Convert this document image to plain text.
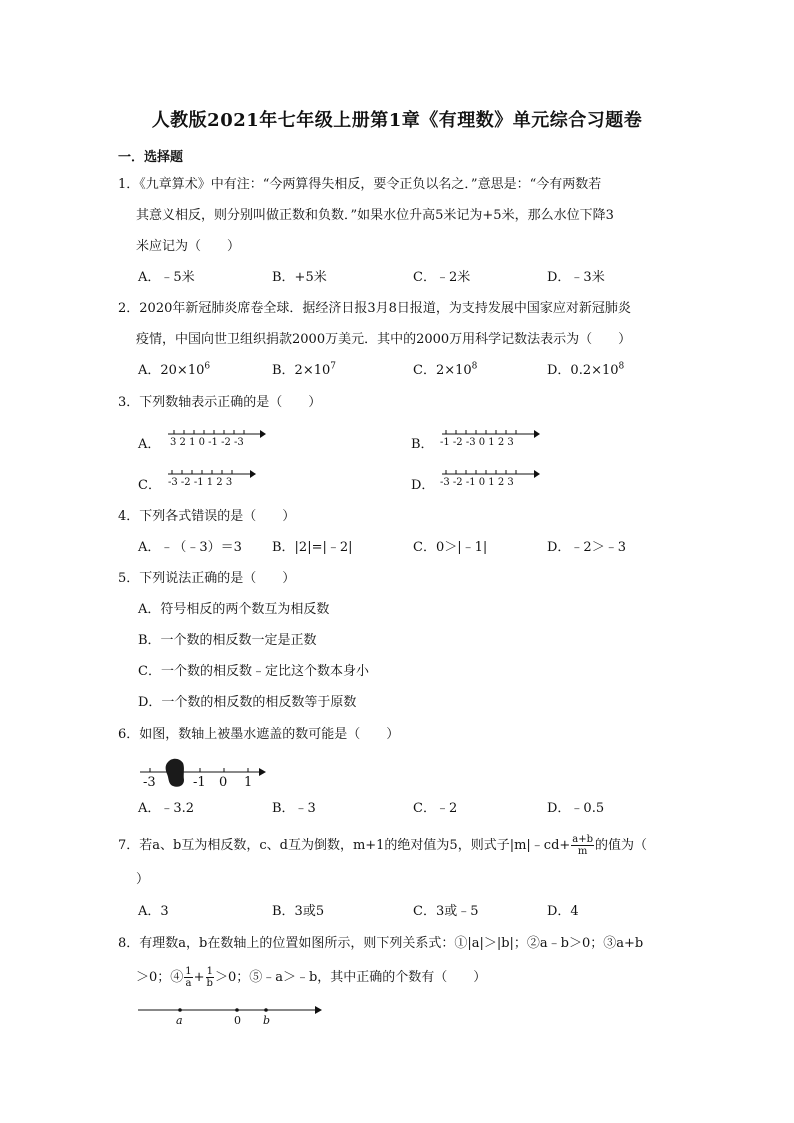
人教版2021年七年级上册第1章《有理数》单元综合习题卷
一．选择题
1．《九章算术》中有注：“今两算得失相反，要令正负以名之．”意思是：“今有两数若
其意义相反，则分别叫做正数和负数．”如果水位升高5米记为+5米，那么水位下降3
米应记为（　　）
A．﹣5米	B．+5米	C．﹣2米	D．﹣3米
2．2020年新冠肺炎席卷全球．据经济日报3月8日报道，为支持发展中国家应对新冠肺炎
疫情，中国向世卫组织捐款2000万美元．其中的2000万用科学记数法表示为（　　）
A．$20\times 10^6$	B．$2\times 10^7$	C．$2\times 10^8$	D．$0.2\times 10^8$
3．下列数轴表示正确的是（　　）
A． 3 2 1 0 -1 -2 -3	B． -1 -2 -3 0 1 2 3
C． -3 -2 -1 1 2 3	D． -3 -2 -1 0 1 2 3
4．下列各式错误的是（　　）
A．﹣（﹣3）＝3 B．|2|=|﹣2|	C．0＞|﹣1|	D．﹣2＞﹣3
5．下列说法正确的是（　　）
A．符号相反的两个数互为相反数
B．一个数的相反数一定是正数
C．一个数的相反数﹣定比这个数本身小
D．一个数的相反数的相反数等于原数
6．如图，数轴上被墨水遮盖的数可能是（　　）
-3	-1 0 1
A．﹣3.2	B．﹣3	C．﹣2	D．﹣0.5
7．若a、b互为相反数，c、d互为倒数，m+1的绝对值为5，则式子|m|﹣cd+ $\frac{a+b}{m}$ 的值为（
）
A．3	B．3或5	C．3或﹣5	D．4
8．有理数a，b在数轴上的位置如图所示，则下列关系式：①|a|＞|b|；②a﹣b＞0；③a+b
＞0；④ $\frac{1}{a} + \frac{1}{b} >0$；⑤﹣a＞﹣b，其中正确的个数有（　　）
a	0 b
